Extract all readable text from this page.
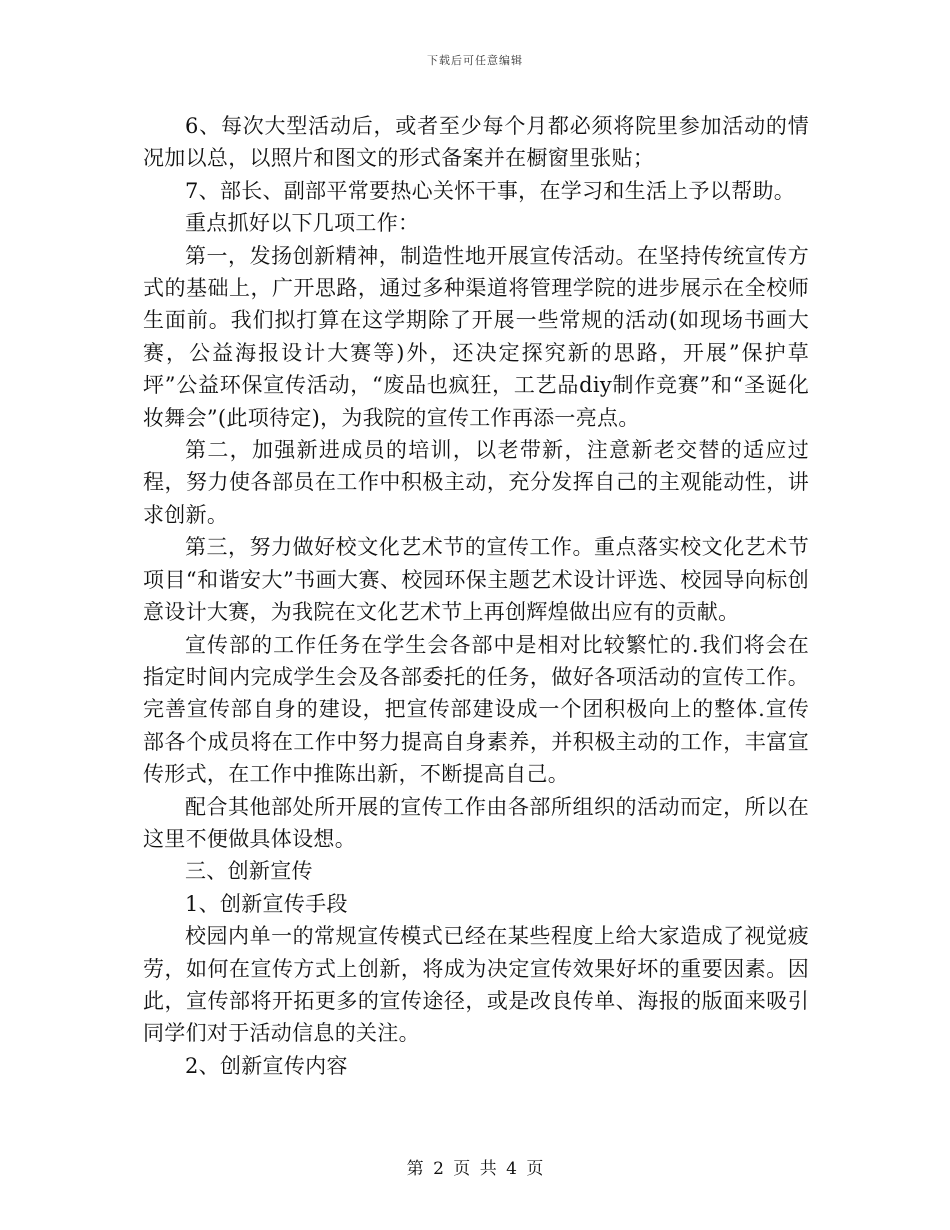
下载后可任意编辑

6、每次大型活动后，或者至少每个月都必须将院里参加活动的情况加以总，以照片和图文的形式备案并在橱窗里张贴；

7、部长、副部平常要热心关怀干事，在学习和生活上予以帮助。

重点抓好以下几项工作：

第一，发扬创新精神，制造性地开展宣传活动。在坚持传统宣传方式的基础上，广开思路，通过多种渠道将管理学院的进步展示在全校师生面前。我们拟打算在这学期除了开展一些常规的活动(如现场书画大赛，公益海报设计大赛等)外，还决定探究新的思路，开展”保护草坪”公益环保宣传活动，“废品也疯狂，工艺品diy制作竞赛”和“圣诞化妆舞会”(此项待定)，为我院的宣传工作再添一亮点。

第二，加强新进成员的培训，以老带新，注意新老交替的适应过程，努力使各部员在工作中积极主动，充分发挥自己的主观能动性，讲求创新。

第三，努力做好校文化艺术节的宣传工作。重点落实校文化艺术节项目“和谐安大”书画大赛、校园环保主题艺术设计评选、校园导向标创意设计大赛，为我院在文化艺术节上再创辉煌做出应有的贡献。

宣传部的工作任务在学生会各部中是相对比较繁忙的.我们将会在指定时间内完成学生会及各部委托的任务，做好各项活动的宣传工作。完善宣传部自身的建设，把宣传部建设成一个团积极向上的整体.宣传部各个成员将在工作中努力提高自身素养，并积极主动的工作，丰富宣传形式，在工作中推陈出新，不断提高自己。

配合其他部处所开展的宣传工作由各部所组织的活动而定，所以在这里不便做具体设想。

三、创新宣传

1、创新宣传手段

校园内单一的常规宣传模式已经在某些程度上给大家造成了视觉疲劳，如何在宣传方式上创新，将成为决定宣传效果好坏的重要因素。因此，宣传部将开拓更多的宣传途径，或是改良传单、海报的版面来吸引同学们对于活动信息的关注。

2、创新宣传内容

第 2 页 共 4 页
